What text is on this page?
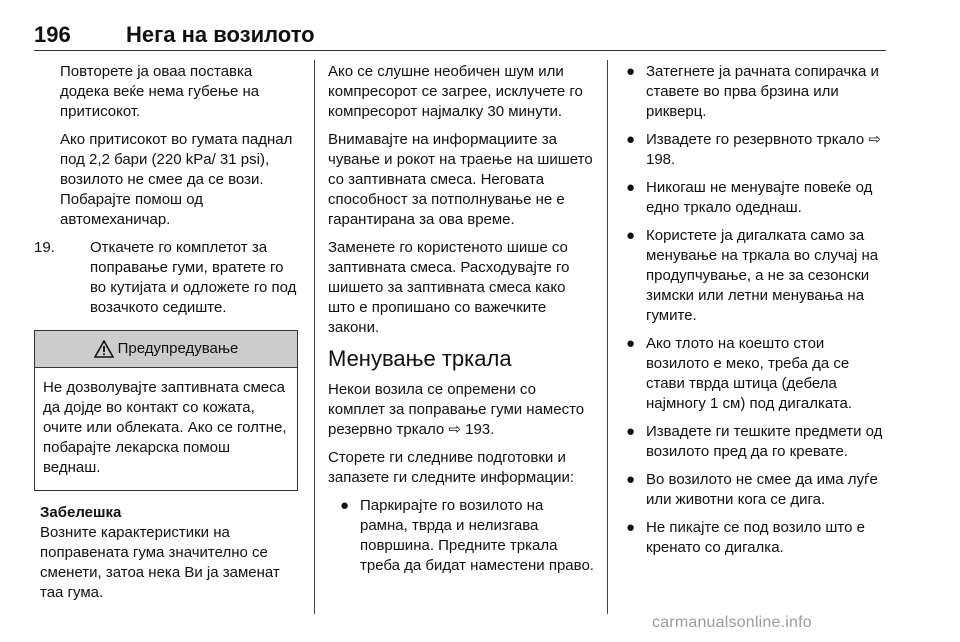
196	Нега на возилото

Повторете ја оваа поставка додека веќе нема губење на притисокот.

Ако притисокот во гумата паднал под 2,2 бари (220 kPa/ 31 psi), возилото не смее да се вози. Побарајте помош од автомеханичар.

19. Откачете го комплетот за поправање гуми, вратете го во кутијата и одложете го под возачкото седиште.

Предупредување
Не дозволувајте заптивната смеса да дојде во контакт со кожата, очите или облеката. Ако се голтне, побарајте лекарска помош веднаш.
Забелешка
Возните карактеристики на поправената гума значително се сменети, затоа нека Ви ја заменат таа гума.

Ако се слушне необичен шум или компресорот се загрее, исклучете го компресорот најмалку 30 минути.

Внимавајте на информациите за чување и рокот на траење на шишето со заптивната смеса. Неговата способност за потполнување не е гарантирана за ова време.

Заменете го користеното шише со заптивната смеса. Расходувајте го шишето за заптивната смеса како што е пропишано со важечките закони.

Менување тркала

Некои возила се опремени со комплет за поправање гуми наместо резервно тркало ⇨ 193.

Сторете ги следниве подготовки и запазете ги следните информации:

● Паркирајте го возилото на рамна, тврда и нелизгава површина. Предните тркала треба да бидат наместени право.
● Затегнете ја рачната сопирачка и ставете во прва брзина или рикверц.
● Извадете го резервното тркало ⇨ 198.
● Никогаш не менувајте повеќе од едно тркало одеднаш.
● Користете ја дигалката само за менување на тркала во случај на продупчување, а не за сезонски зимски или летни менувања на гумите.
● Ако тлото на коешто стои возилото е меко, треба да се стави тврда штица (дебела најмногу 1 см) под дигалката.
● Извадете ги тешките предмети од возилото пред да го кревате.
● Во возилото не смее да има луѓе или животни кога се дига.
● Не пикајте се под возило што е кренато со дигалка.
carmanualsonline.info
